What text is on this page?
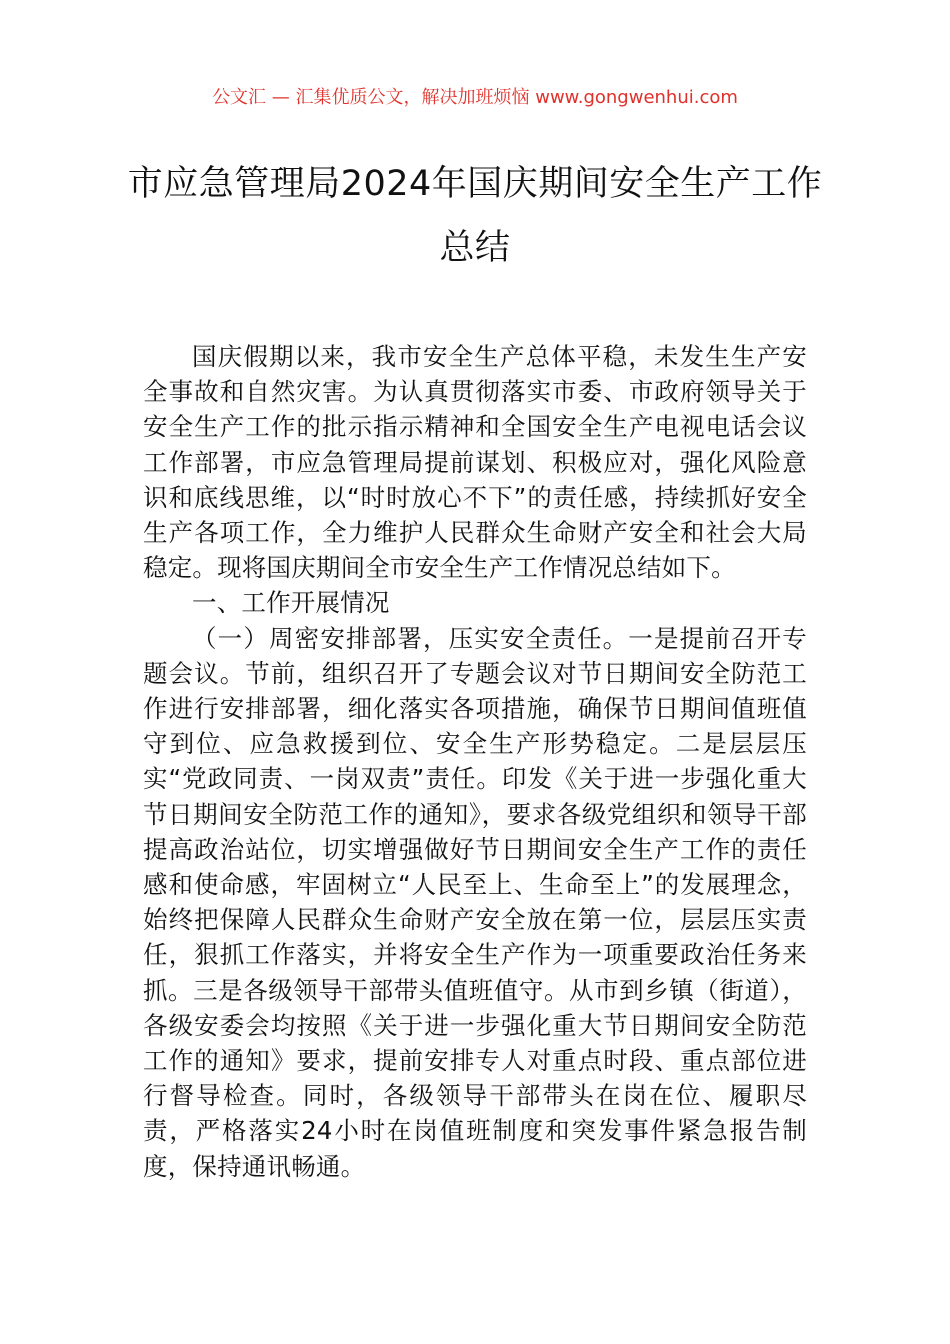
公文汇 — 汇集优质公文，解决加班烦恼 www.gongwenhui.com
市应急管理局2024年国庆期间安全生产工作总结

国庆假期以来，我市安全生产总体平稳，未发生生产安全事故和自然灾害。为认真贯彻落实市委、市政府领导关于安全生产工作的批示指示精神和全国安全生产电视电话会议工作部署，市应急管理局提前谋划、积极应对，强化风险意识和底线思维，以“时时放心不下”的责任感，持续抓好安全生产各项工作，全力维护人民群众生命财产安全和社会大局稳定。现将国庆期间全市安全生产工作情况总结如下。

一、工作开展情况

（一）周密安排部署，压实安全责任。一是提前召开专题会议。节前，组织召开了专题会议对节日期间安全防范工作进行安排部署，细化落实各项措施，确保节日期间值班值守到位、应急救援到位、安全生产形势稳定。二是层层压实“党政同责、一岗双责”责任。印发《关于进一步强化重大节日期间安全防范工作的通知》，要求各级党组织和领导干部提高政治站位，切实增强做好节日期间安全生产工作的责任感和使命感，牢固树立“人民至上、生命至上”的发展理念，始终把保障人民群众生命财产安全放在第一位，层层压实责任，狠抓工作落实，并将安全生产作为一项重要政治任务来抓。三是各级领导干部带头值班值守。从市到乡镇（街道），各级安委会均按照《关于进一步强化重大节日期间安全防范工作的通知》要求，提前安排专人对重点时段、重点部位进行督导检查。同时，各级领导干部带头在岗在位、履职尽责，严格落实24小时在岗值班制度和突发事件紧急报告制度，保持通讯畅通。
